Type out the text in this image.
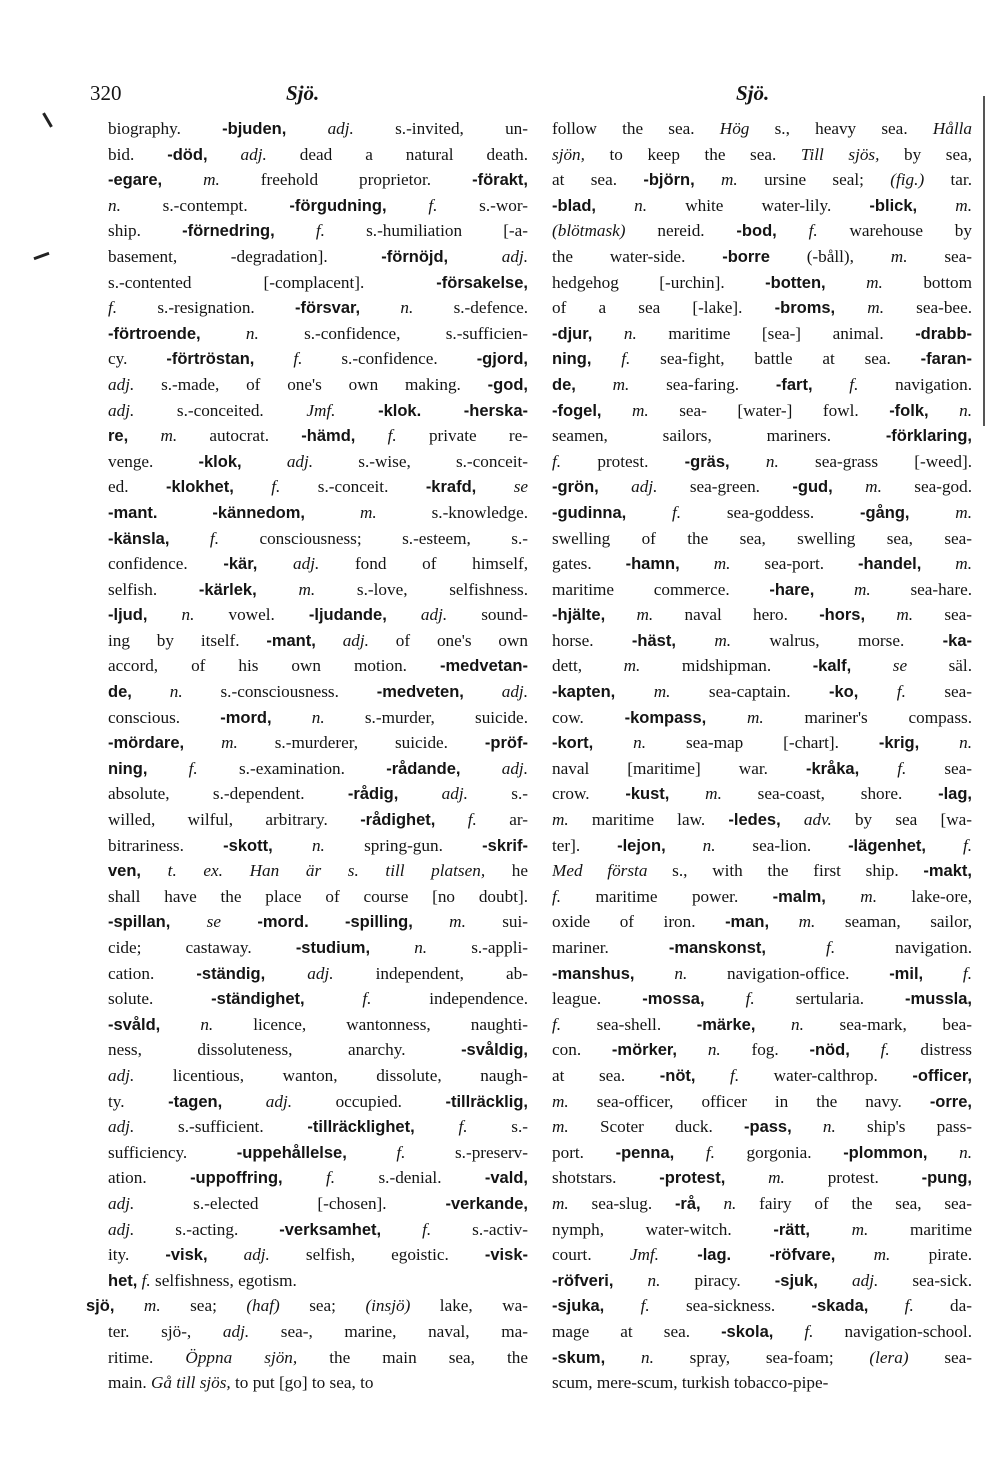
320	Sjö.	Sjö.
biography. -bjuden, adj. s.-invited, un-
bid. -död, adj. dead a natural death.
-egare, m. freehold proprietor. -förakt,
n. s.-contempt. -förgudning, f. s.-wor-
ship. -förnedring, f. s.-humiliation [-a-
basement, -degradation]. -förnöjd,	adj.
s.-contented [-complacent]. -försakelse,
f. s.-resignation. -försvar, n. s.-defence.
-förtroende,	n. s.-confidence, s.-sufficien-
cy. -förtröstan, f. s.-confidence. -gjord,
adj. s.-made, of one's own making. -god,
adj. s.-conceited. Jmf.	-klok.	-herska-
re, m. autocrat. -hämd, f. private re-
venge. -klok,	adj. s.-wise, s.-conceit-
ed. -klokhet, f. s.-conceit. -krafd, se
-mant.	-kännedom,	m. s.-knowledge.
-känsla, f. consciousness; s.-esteem, s.-
confidence. -kär, adj. fond of himself,
selfish. -kärlek, m. s.-love, selfishness.
-ljud, n. vowel. -ljudande, adj. sound-
ing by itself. -mant, adj. of one's own
accord, of his own motion. -medvetan-
de, n. s.-consciousness. -medveten, adj.
conscious. -mord, n. s.-murder, suicide.
-mördare, m. s.-murderer, suicide. -pröf-
ning, f. s.-examination. -rådande, adj.
absolute, s.-dependent. -rådig,	adj. s.-
willed, wilful, arbitrary. -rådighet, f. ar-
bitrariness. -skott, n. spring-gun. -skrif-
ven, t. ex. Han är s. till platsen, he
shall have the place of course [no doubt].
-spillan, se -mord. -spilling, m. sui-
cide; castaway. -studium,	n. s.-appli-
cation. -ständig, adj. independent, ab-
solute. -ständighet,	f. independence.
-svåld, n. licence, wantonness, naughti-
ness, dissoluteness, anarchy. -svåldig,
adj. licentious, wanton, dissolute, naugh-
ty. -tagen,	adj. occupied. -tillräcklig,
adj. s.-sufficient. -tillräcklighet,	f. s.-
sufficiency. -uppehållelse,	f. s.-preserv-
ation. -uppoffring,	f. s.-denial. -vald,
adj. s.-elected [-chosen]. -verkande,
adj. s.-acting. -verksamhet, f. s.-activ-
ity. -visk, adj. selfish, egoistic. -visk-
het, f. selfishness, egotism.
sjö, m. sea; (haf) sea; (insjö) lake, wa-
ter. sjö-, adj. sea-, marine, naval, ma-
ritime. Öppna sjön, the main sea, the
main. Gå till sjös, to put [go] to sea, to
follow the sea. Hög s., heavy sea. Hålla
sjön, to keep the sea. Till sjös, by sea,
at sea. -björn, m. ursine seal; (fig.) tar.
-blad, n. white water-lily. -blick, m.
(blötmask) nereid. -bod, f. warehouse by
the water-side. -borre (-båll), m. sea-
hedgehog [-urchin]. -botten, m. bottom
of a sea [-lake]. -broms, m. sea-bee.
-djur, n. maritime [sea-] animal. -drabb-
ning, f. sea-fight, battle at sea. -faran-
de, m. sea-faring. -fart, f. navigation.
-fogel, m. sea- [water-] fowl. -folk, n.
seamen, sailors, mariners. -förklaring,
f. protest. -gräs, n. sea-grass [-weed].
-grön, adj. sea-green. -gud, m. sea-god.
-gudinna,	f. sea-goddess. -gång,	m.
swelling of the sea, swelling sea, sea-
gates. -hamn, m. sea-port. -handel, m.
maritime commerce. -hare, m. sea-hare.
-hjälte, m. naval hero. -hors, m. sea-
horse. -häst, m. walrus, morse. -ka-
dett, m. midshipman. -kalf, se säl.
-kapten, m. sea-captain. -ko, f. sea-
cow. -kompass, m. mariner's compass.
-kort, n. sea-map [-chart]. -krig, n.
naval [maritime] war. -kråka, f. sea-
crow. -kust, m. sea-coast, shore. -lag,
m. maritime law. -ledes, adv. by sea [wa-
ter]. -lejon, n. sea-lion. -lägenhet, f.
Med första s., with the first ship. -makt,
f. maritime power. -malm, m. lake-ore,
oxide of iron. -man, m. seaman, sailor,
mariner. -manskonst,	f. navigation.
-manshus, n. navigation-office. -mil, f.
league. -mossa, f. sertularia. -mussla,
f. sea-shell. -märke, n. sea-mark, bea-
con. -mörker, n. fog. -nöd, f. distress
at sea. -nöt, f. water-calthrop. -officer,
m. sea-officer, officer in the navy. -orre,
m. Scoter duck. -pass, n. ship's pass-
port. -penna, f. gorgonia. -plommon, n.
shotstars. -protest, m. protest. -pung,
m. sea-slug. -rå, n. fairy of the sea, sea-
nymph, water-witch. -rätt, m. maritime
court. Jmf. -lag. -röfvare, m. pirate.
-röfveri, n. piracy. -sjuk, adj. sea-sick.
-sjuka, f. sea-sickness. -skada, f. da-
mage at sea. -skola, f. navigation-school.
-skum, n. spray, sea-foam; (lera) sea-
scum, mere-scum, turkish tobacco-pipe-
